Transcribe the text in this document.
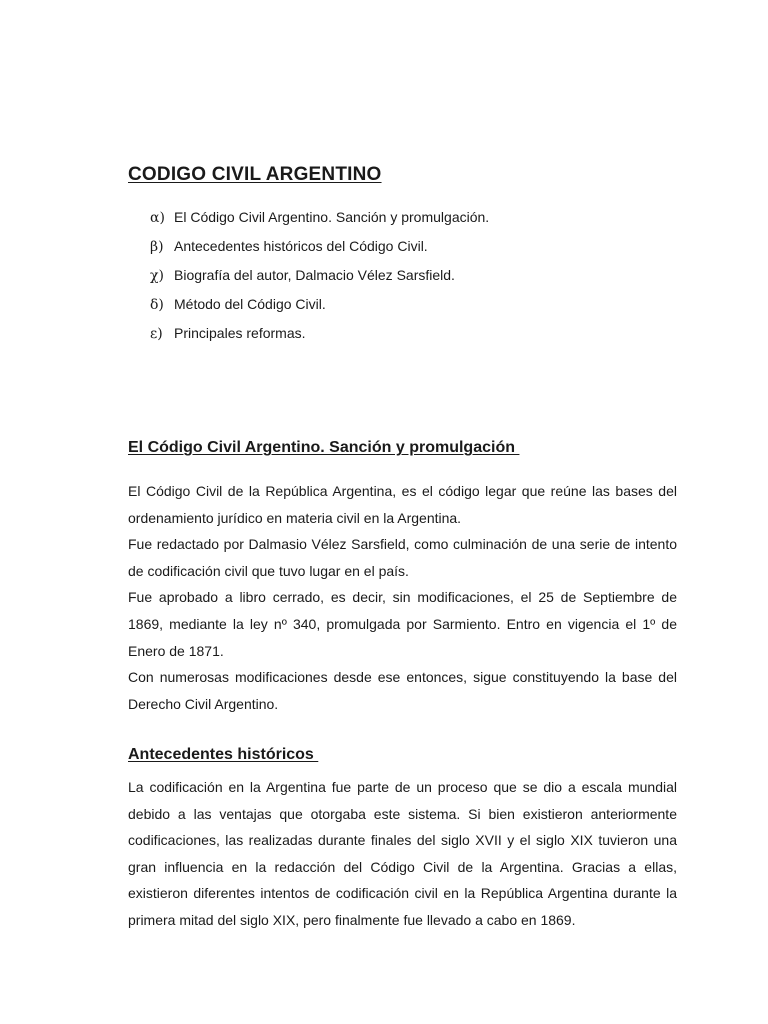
CODIGO CIVIL ARGENTINO
α) El Código Civil Argentino. Sanción y promulgación.
β) Antecedentes históricos del Código Civil.
χ) Biografía del autor, Dalmacio Vélez Sarsfield.
δ) Método del Código Civil.
ε) Principales reformas.
El Código Civil Argentino. Sanción y promulgación

El Código Civil de la República Argentina, es el código legar que reúne las bases del ordenamiento jurídico en materia civil en la Argentina.

Fue redactado por Dalmasio Vélez Sarsfield, como culminación de una serie de intento de codificación civil que tuvo lugar en el país.

Fue aprobado a libro cerrado, es decir, sin modificaciones, el 25 de Septiembre de 1869, mediante la ley nº 340, promulgada por Sarmiento. Entro en vigencia el 1º de Enero de 1871.

Con numerosas modificaciones desde ese entonces, sigue constituyendo la base del Derecho Civil Argentino.

Antecedentes históricos

La codificación en la Argentina fue parte de un proceso que se dio a escala mundial debido a las ventajas que otorgaba este sistema. Si bien existieron anteriormente codificaciones, las realizadas durante finales del siglo XVII y el siglo XIX tuvieron una gran influencia en la redacción del Código Civil de la Argentina. Gracias a ellas, existieron diferentes intentos de codificación civil en la República Argentina durante la primera mitad del siglo XIX, pero finalmente fue llevado a cabo en 1869.
